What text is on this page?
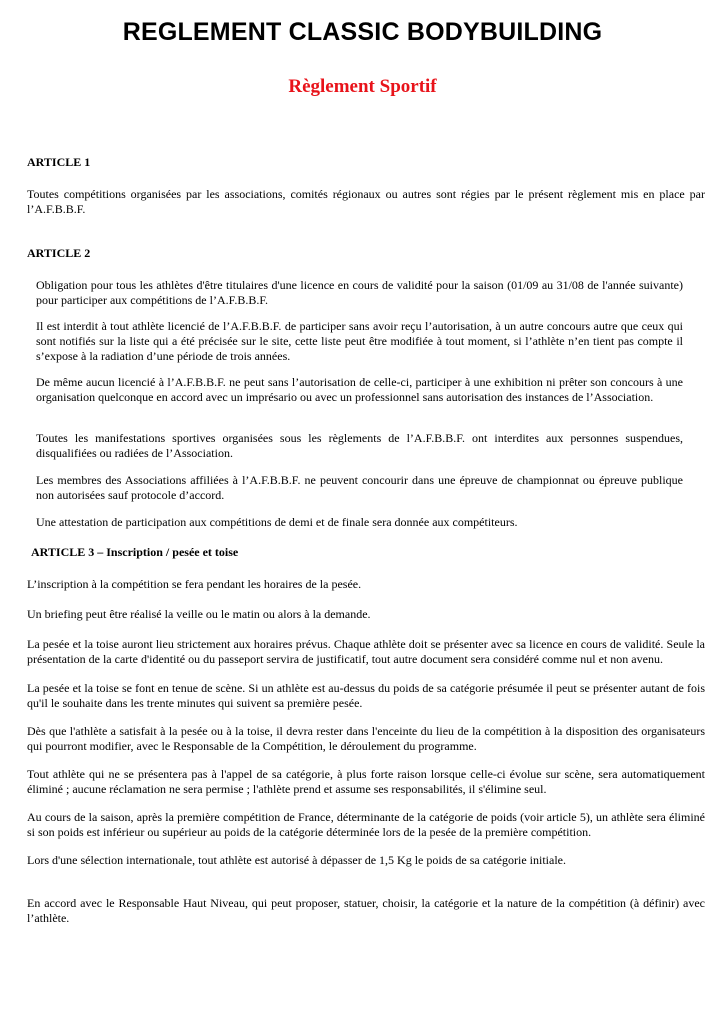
REGLEMENT CLASSIC BODYBUILDING
Règlement Sportif
ARTICLE 1

Toutes compétitions organisées par les associations, comités régionaux ou autres sont régies par le présent règlement mis en place par l’A.F.B.B.F.

ARTICLE 2

Obligation pour tous les athlètes d'être titulaires d'une licence en cours de validité pour la saison (01/09 au 31/08 de l'année suivante) pour participer aux compétitions de l’A.F.B.B.F.

Il est interdit à tout athlète licencié de l’A.F.B.B.F. de participer sans avoir reçu l’autorisation, à un autre concours autre que ceux qui sont notifiés sur la liste qui a été précisée sur le site, cette liste peut être modifiée à tout moment, si l’athlète n’en tient pas compte il s’expose à la radiation d’une période de trois années.

De même aucun licencié à l’A.F.B.B.F. ne peut sans l’autorisation de celle-ci, participer à une exhibition ni prêter son concours à une organisation quelconque en accord avec un imprésario ou avec un professionnel sans autorisation des instances de l’Association.

Toutes les manifestations sportives organisées sous les règlements de l’A.F.B.B.F. ont interdites aux personnes suspendues, disqualifiées ou radiées de l’Association.

Les membres des Associations affiliées à l’A.F.B.B.F. ne peuvent concourir dans une épreuve de championnat ou épreuve publique non autorisées sauf protocole d’accord.

Une attestation de participation aux compétitions de demi et de finale sera donnée aux compétiteurs.

ARTICLE 3 – Inscription / pesée et toise

L’inscription à la compétition se fera pendant les horaires de la pesée.

Un briefing peut être réalisé la veille ou le matin ou alors à la demande.

La pesée et la toise auront lieu strictement aux horaires prévus. Chaque athlète doit se présenter avec sa licence en cours de validité. Seule la présentation de la carte d'identité ou du passeport servira de justificatif, tout autre document sera considéré comme nul et non avenu.

La pesée et la toise se font en tenue de scène. Si un athlète est au-dessus du poids de sa catégorie présumée il peut se présenter autant de fois qu'il le souhaite dans les trente minutes qui suivent sa première pesée.

Dès que l'athlète a satisfait à la pesée ou à la toise, il devra rester dans l'enceinte du lieu de la compétition à la disposition des organisateurs qui pourront modifier, avec le Responsable de la Compétition, le déroulement du programme.

Tout athlète qui ne se présentera pas à l'appel de sa catégorie, à plus forte raison lorsque celle-ci évolue sur scène, sera automatiquement éliminé ; aucune réclamation ne sera permise ; l'athlète prend et assume ses responsabilités, il s'élimine seul.

Au cours de la saison, après la première compétition de France, déterminante de la catégorie de poids (voir article 5), un athlète sera éliminé si son poids est inférieur ou supérieur au poids de la catégorie déterminée lors de la pesée de la première compétition.

Lors d'une sélection internationale, tout athlète est autorisé à dépasser de 1,5 Kg le poids de sa catégorie initiale.

En accord avec le Responsable Haut Niveau, qui peut proposer, statuer, choisir, la catégorie et la nature de la compétition (à définir) avec l’athlète.
